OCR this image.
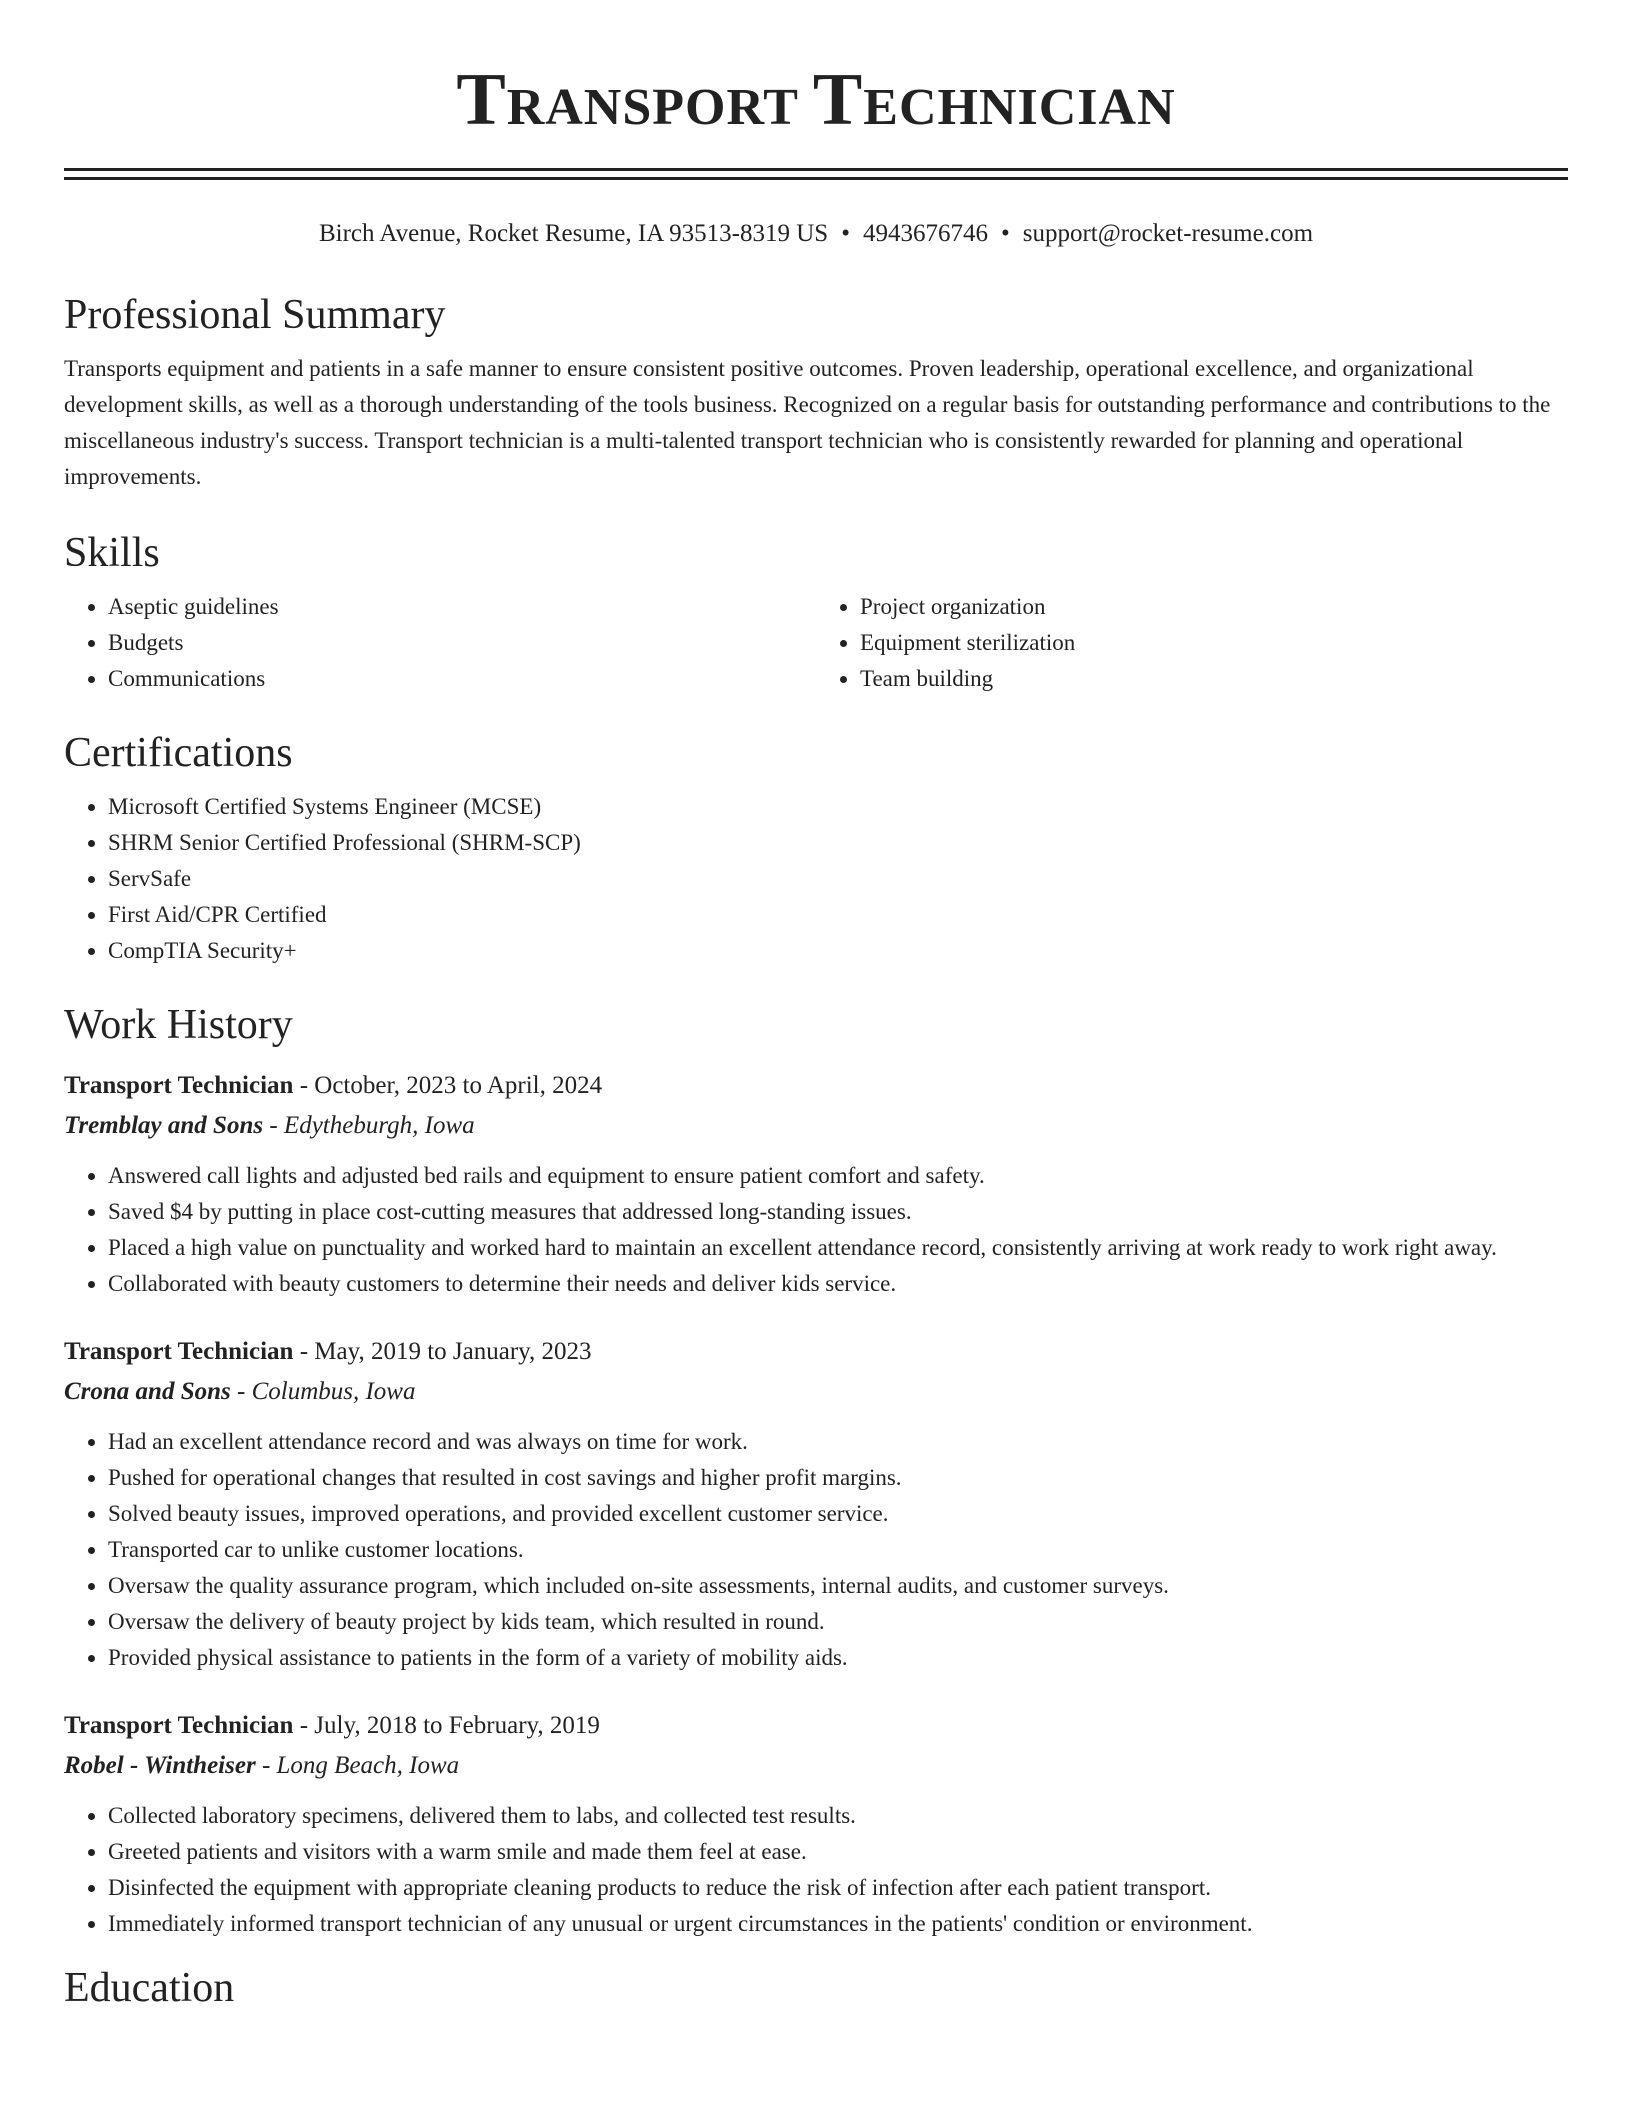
Transport Technician
Birch Avenue, Rocket Resume, IA 93513-8319 US • 4943676746 • support@rocket-resume.com
Professional Summary
Transports equipment and patients in a safe manner to ensure consistent positive outcomes. Proven leadership, operational excellence, and organizational development skills, as well as a thorough understanding of the tools business. Recognized on a regular basis for outstanding performance and contributions to the miscellaneous industry's success. Transport technician is a multi-talented transport technician who is consistently rewarded for planning and operational improvements.
Skills
• Aseptic guidelines
• Budgets
• Communications
• Project organization
• Equipment sterilization
• Team building
Certifications
• Microsoft Certified Systems Engineer (MCSE)
• SHRM Senior Certified Professional (SHRM-SCP)
• ServSafe
• First Aid/CPR Certified
• CompTIA Security+
Work History
Transport Technician - October, 2023 to April, 2024
Tremblay and Sons - Edytheburgh, Iowa
• Answered call lights and adjusted bed rails and equipment to ensure patient comfort and safety.
• Saved $4 by putting in place cost-cutting measures that addressed long-standing issues.
• Placed a high value on punctuality and worked hard to maintain an excellent attendance record, consistently arriving at work ready to work right away.
• Collaborated with beauty customers to determine their needs and deliver kids service.
Transport Technician - May, 2019 to January, 2023
Crona and Sons - Columbus, Iowa
• Had an excellent attendance record and was always on time for work.
• Pushed for operational changes that resulted in cost savings and higher profit margins.
• Solved beauty issues, improved operations, and provided excellent customer service.
• Transported car to unlike customer locations.
• Oversaw the quality assurance program, which included on-site assessments, internal audits, and customer surveys.
• Oversaw the delivery of beauty project by kids team, which resulted in round.
• Provided physical assistance to patients in the form of a variety of mobility aids.
Transport Technician - July, 2018 to February, 2019
Robel - Wintheiser - Long Beach, Iowa
• Collected laboratory specimens, delivered them to labs, and collected test results.
• Greeted patients and visitors with a warm smile and made them feel at ease.
• Disinfected the equipment with appropriate cleaning products to reduce the risk of infection after each patient transport.
• Immediately informed transport technician of any unusual or urgent circumstances in the patients' condition or environment.
Education
